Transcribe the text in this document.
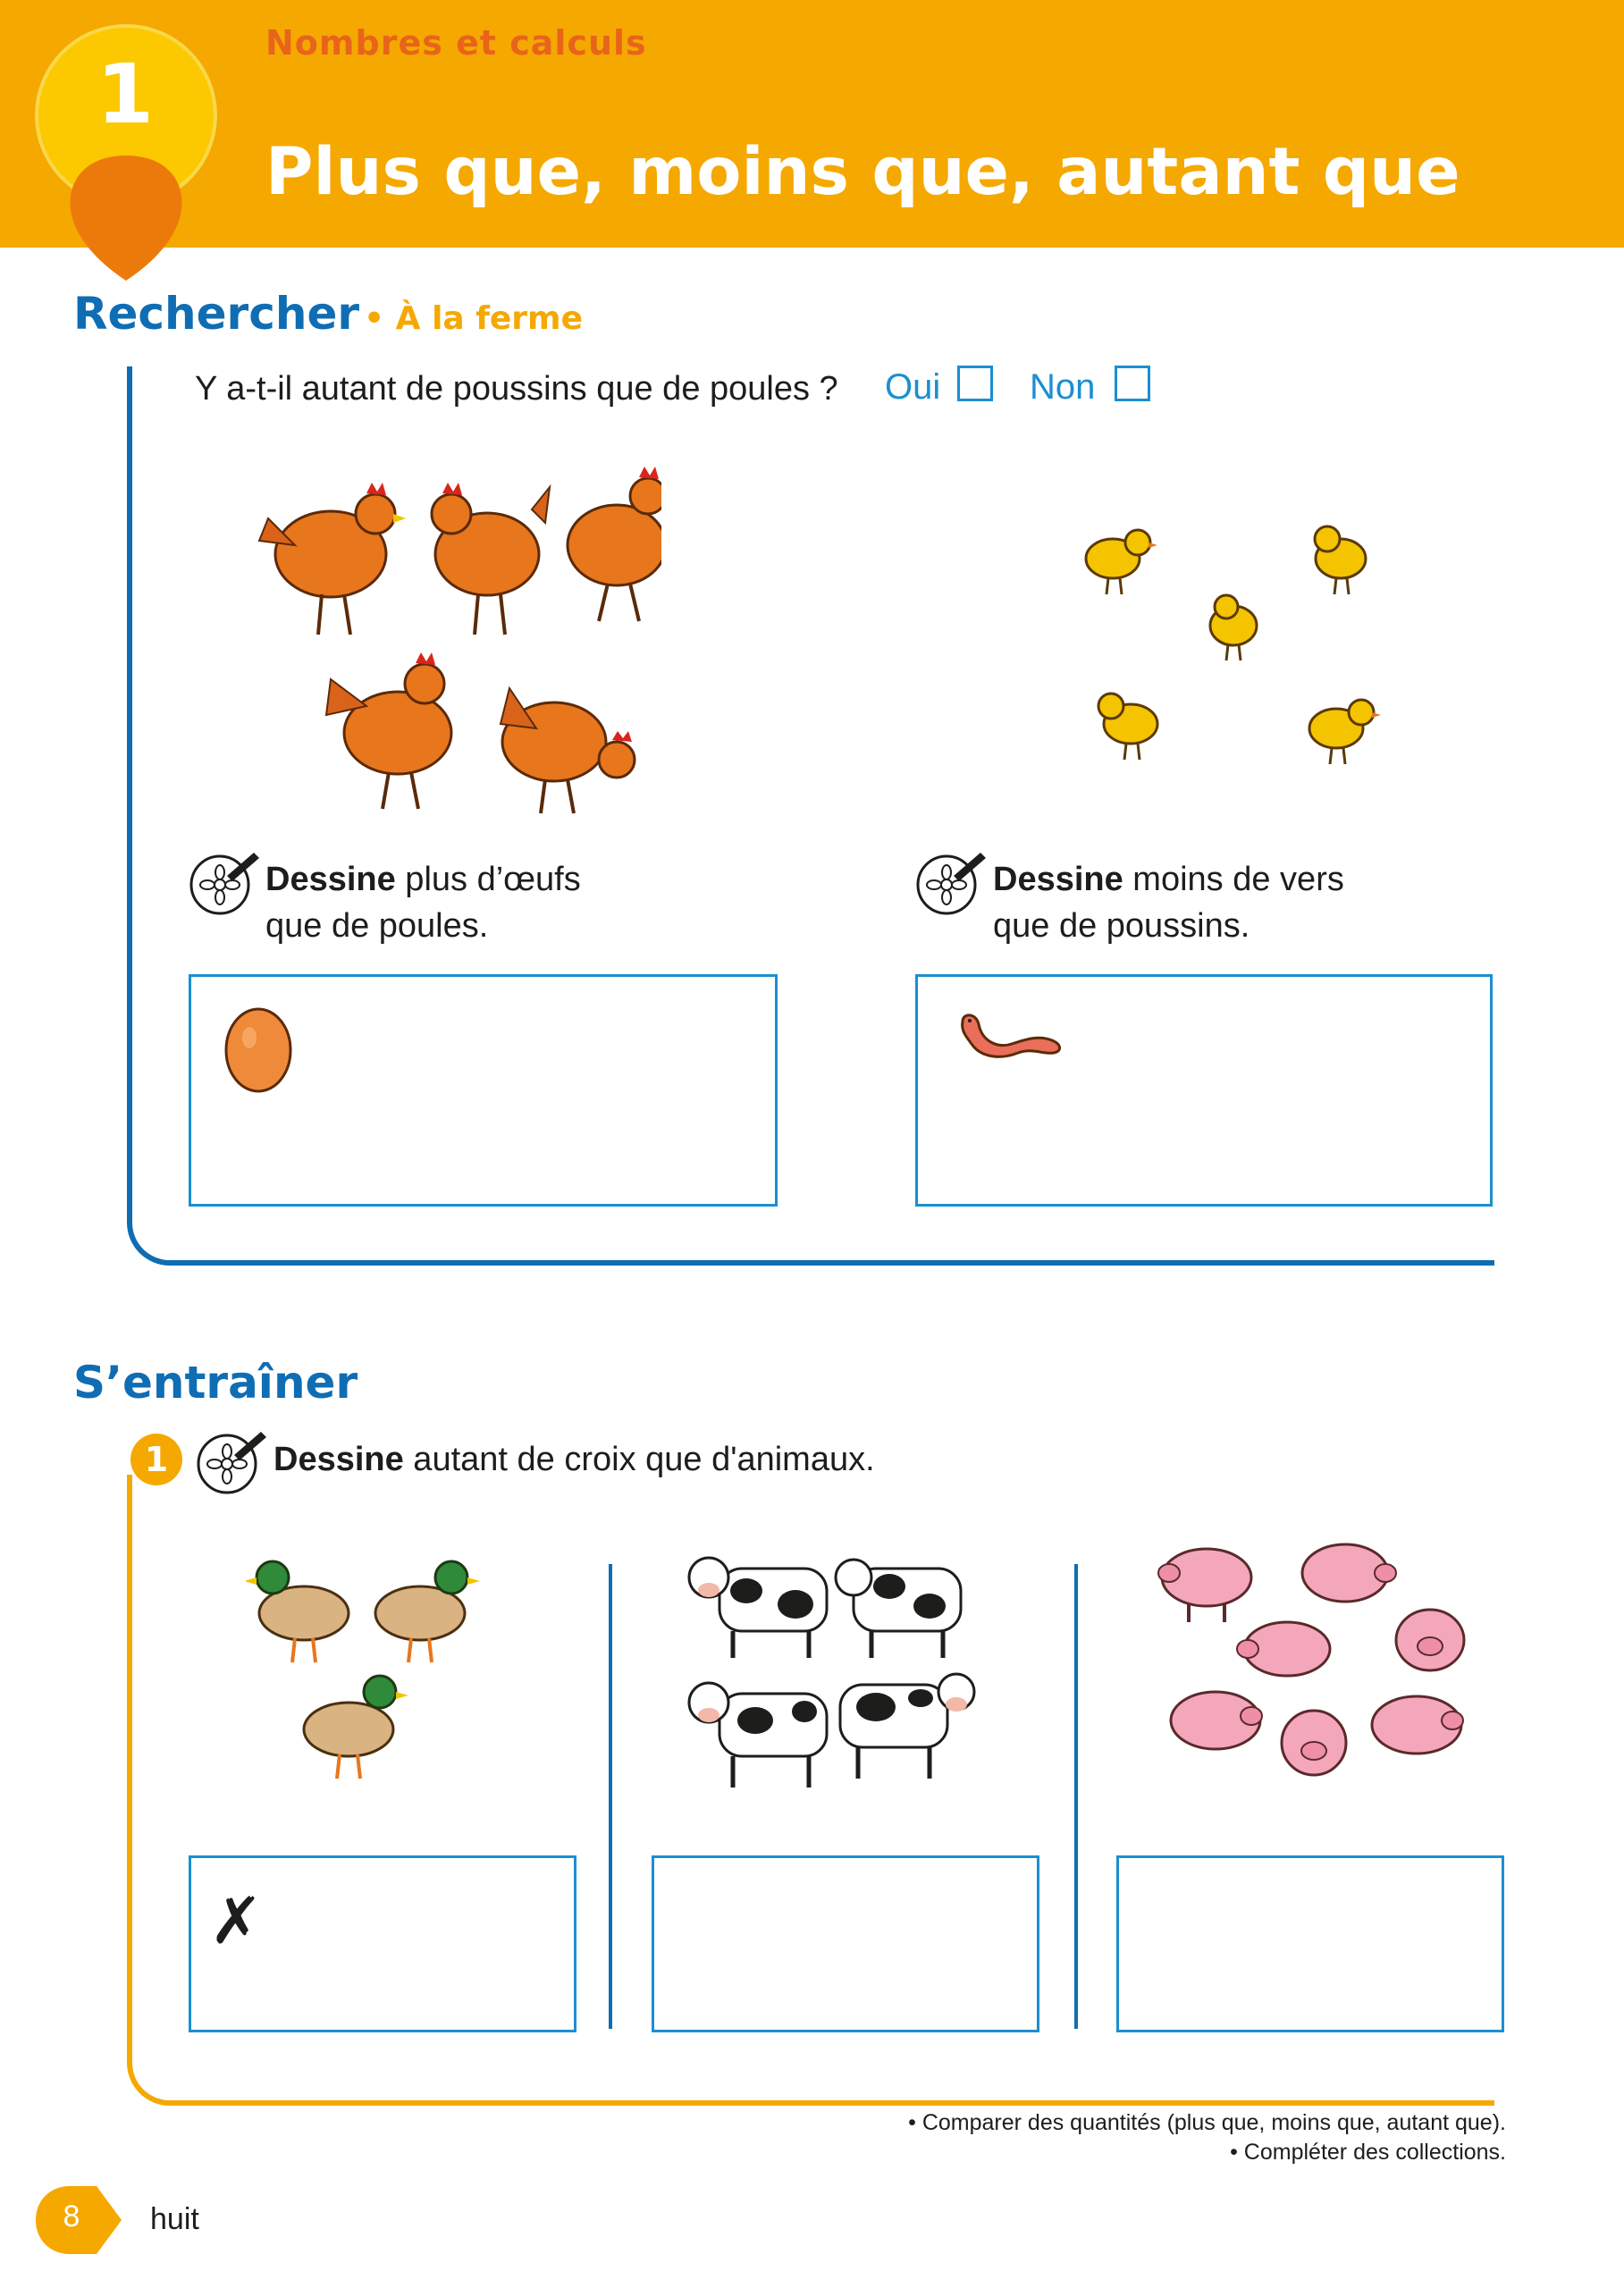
1
Nombres et calculs
Plus que, moins que, autant que
Rechercher • À la ferme
Y a-t-il autant de poussins que de poules ? Oui Non
Dessine plus d’œufs
que de poules.
Dessine moins de vers
que de poussins.
S’entraîner
1	Dessine autant de croix que d'animaux.
✗
• Comparer des quantités (plus que, moins que, autant que).
• Compléter des collections.
8	huit
